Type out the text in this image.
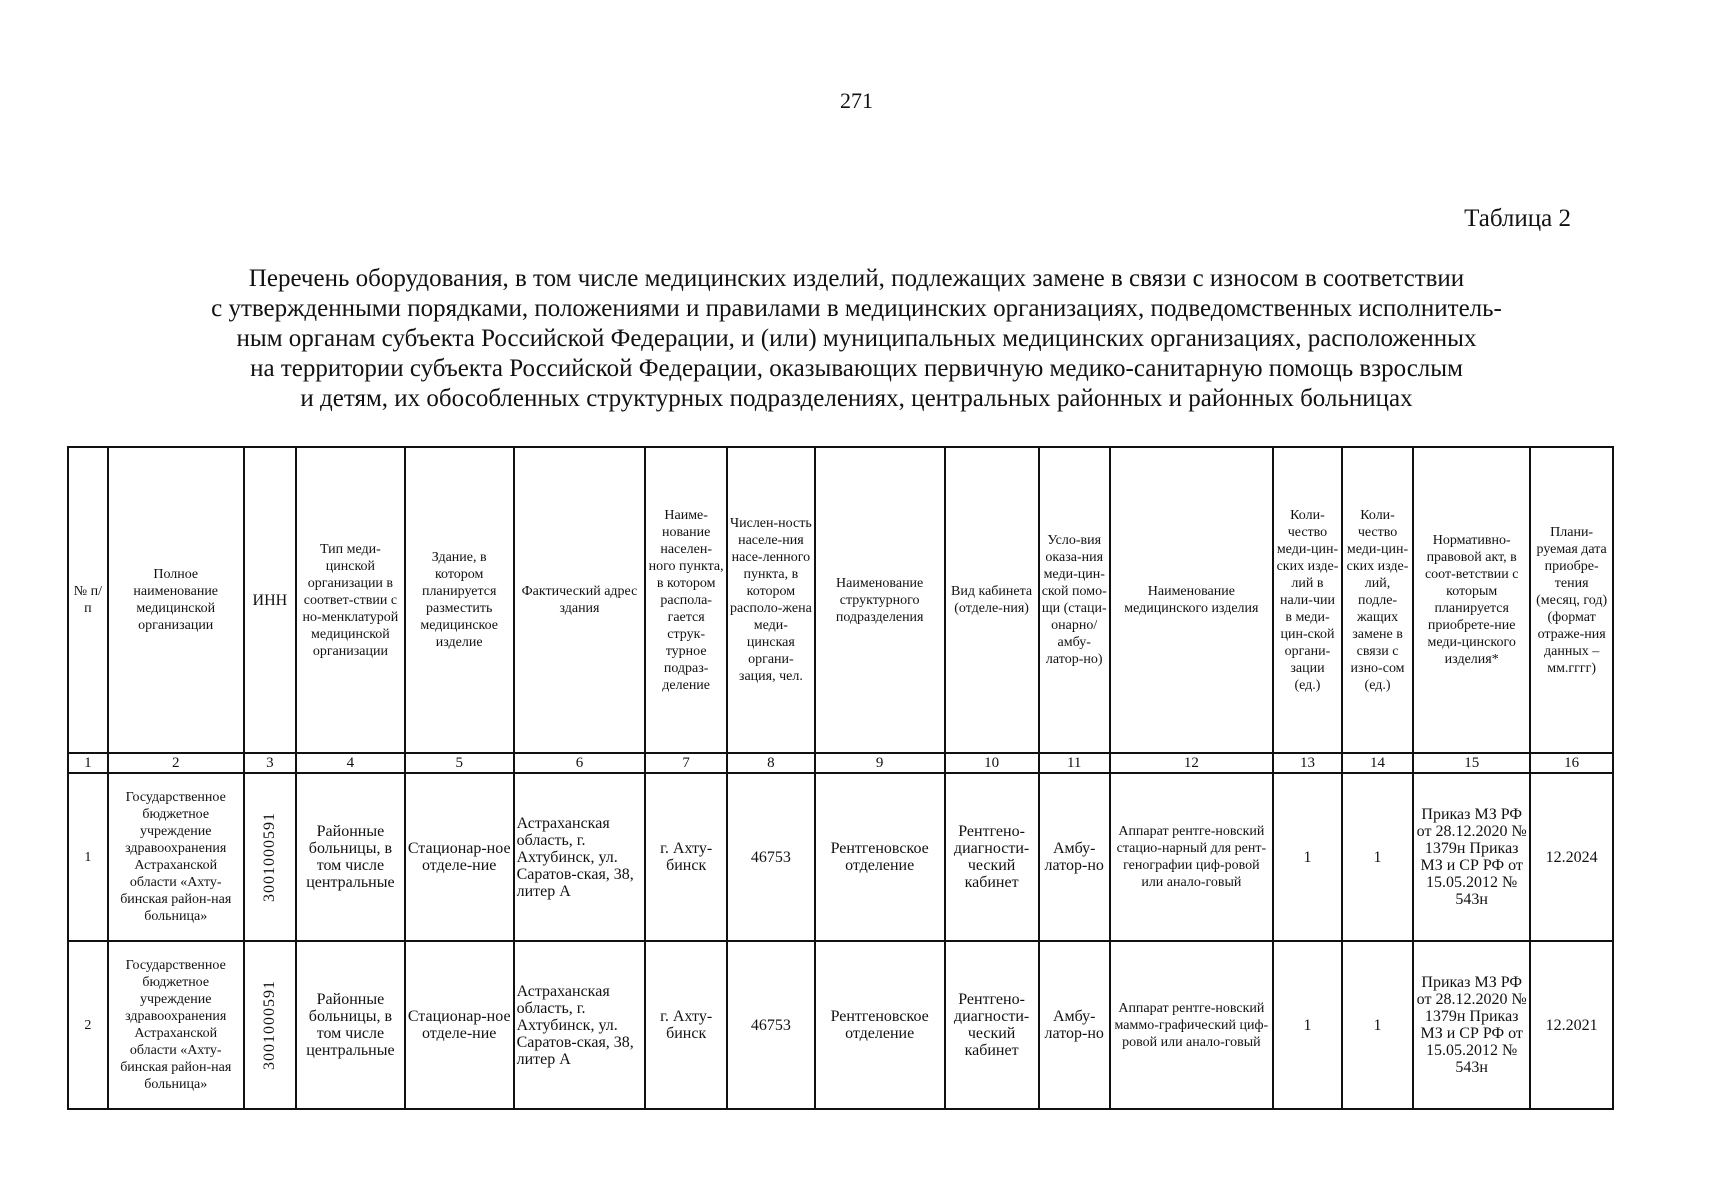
271
Таблица 2
Перечень оборудования, в том числе медицинских изделий, подлежащих замене в связи с износом в соответствии
с утвержденными порядками, положениями и правилами в медицинских организациях, подведомственных исполнитель-
ным органам субъекта Российской Федерации, и (или) муниципальных медицинских организациях, расположенных
на территории субъекта Российской Федерации, оказывающих первичную медико-санитарную помощь взрослым
и детям, их обособленных структурных подразделениях, центральных районных и районных больницах
№ п/п	Полное наименование медицинской организации	ИНН	Тип меди-цинской организации в соответ-ствии с но-менклатурой медицинской организации	Здание, в котором планируется разместить медицинское изделие	Фактический адрес здания	Наиме-нование населен-ного пункта, в котором распола-гается струк-турное подраз-деление	Числен-ность населе-ния насе-ленного пункта, в котором располо-жена меди-цинская органи-зация, чел.	Наименование структурного подразделения	Вид кабинета (отделе-ния)	Усло-вия оказа-ния меди-цин-ской помо-щи (стаци-онарно/ амбу-латор-но)	Наименование медицинского изделия	Коли-чество меди-цин-ских изде-лий в нали-чии в меди-цин-ской органи-зации (ед.)	Коли-чество меди-цин-ских изде-лий, подле-жащих замене в связи с изно-сом (ед.)	Нормативно-правовой акт, в соот-ветствии с которым планируется приобрете-ние меди-цинского изделия*	Плани-руемая дата приобре-тения (месяц, год) (формат отраже-ния данных – мм.гггг)
1	2	3	4	5	6	7	8	9	10	11	12	13	14	15	16
1	Государственное бюджетное учреждение здравоохранения Астраханской области «Ахту-бинская район-ная больница»	3001000591	Районные больницы, в том числе центральные	Стационар-ное отделе-ние	Астраханская область, г. Ахтубинск, ул. Саратов-ская, 38, литер А	г. Ахту-бинск	46753	Рентгеновское отделение	Рентгено-диагности-ческий кабинет	Амбу-латор-но	Аппарат рентге-новский стацио-нарный для рент-генографии циф-ровой или анало-говый	1	1	Приказ МЗ РФ от 28.12.2020 № 1379н Приказ МЗ и СР РФ от 15.05.2012 № 543н	12.2024
2	Государственное бюджетное учреждение здравоохранения Астраханской области «Ахту-бинская район-ная больница»	3001000591	Районные больницы, в том числе центральные	Стационар-ное отделе-ние	Астраханская область, г. Ахтубинск, ул. Саратов-ская, 38, литер А	г. Ахту-бинск	46753	Рентгеновское отделение	Рентгено-диагности-ческий кабинет	Амбу-латор-но	Аппарат рентге-новский маммо-графический циф-ровой или анало-говый	1	1	Приказ МЗ РФ от 28.12.2020 № 1379н Приказ МЗ и СР РФ от 15.05.2012 № 543н	12.2021
